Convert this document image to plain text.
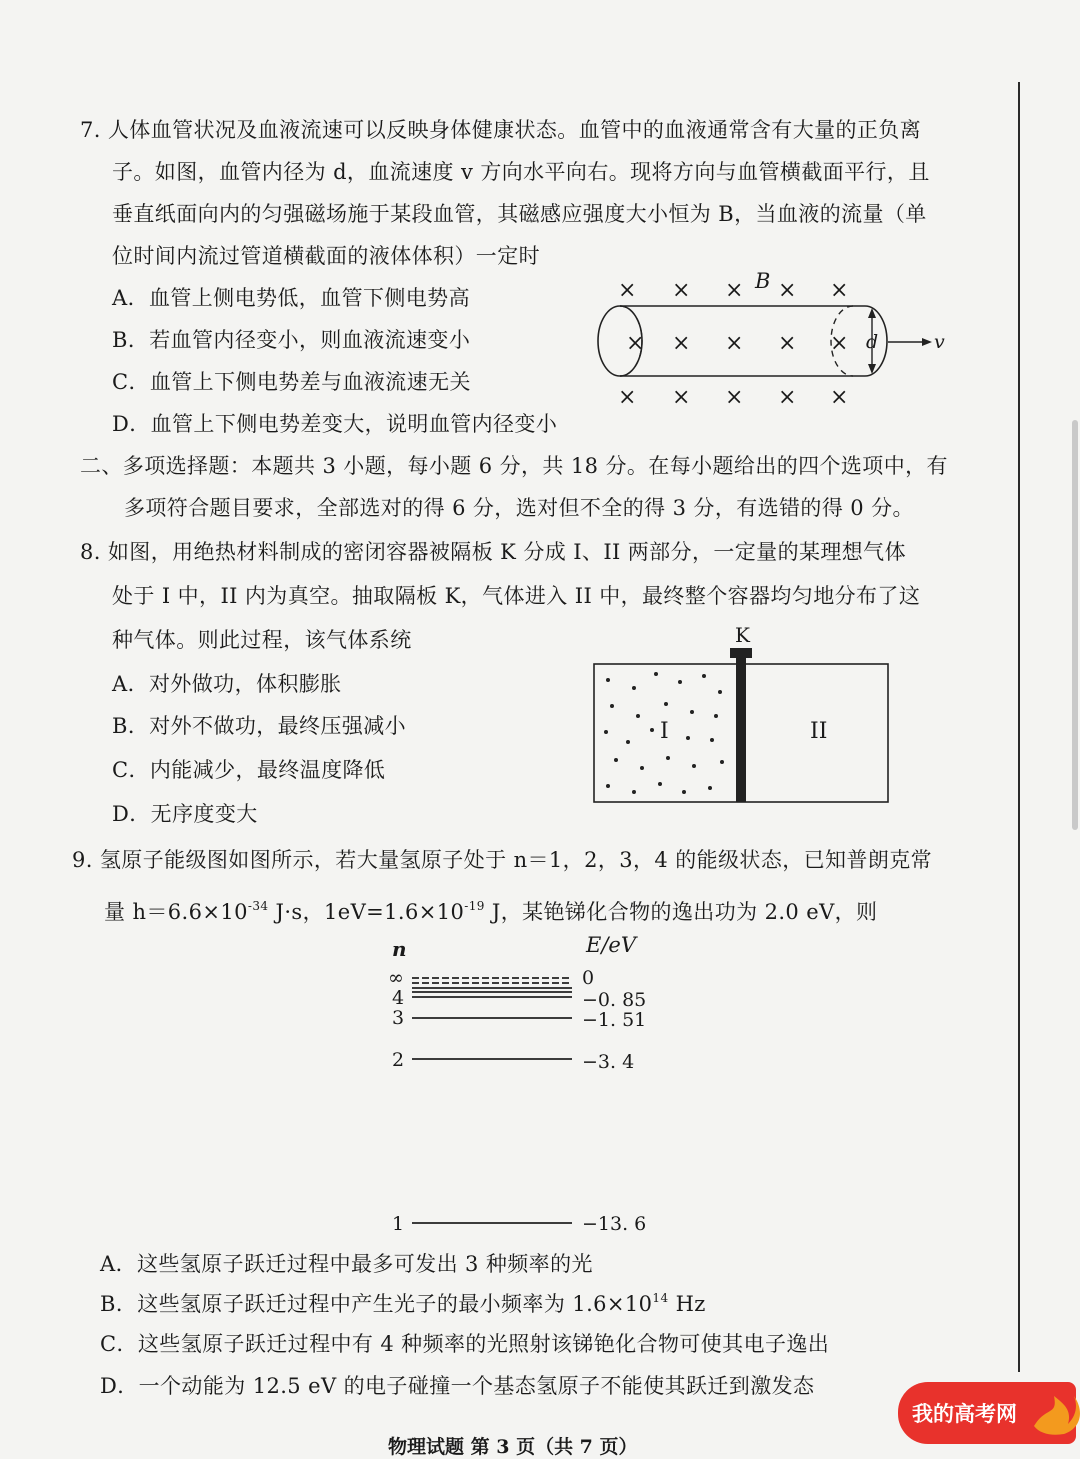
7. 人体血管状况及血液流速可以反映身体健康状态。血管中的血液通常含有大量的正负离
子。如图，血管内径为 d，血流速度 v 方向水平向右。现将方向与血管横截面平行，且
垂直纸面向内的匀强磁场施于某段血管，其磁感应强度大小恒为 B，当血液的流量（单
位时间内流过管道横截面的液体体积）一定时
A．血管上侧电势低，血管下侧电势高
B．若血管内径变小，则血液流速变小
C．血管上下侧电势差与血液流速无关
D．血管上下侧电势差变大，说明血管内径变小
× × × × ×
× × × × ×
× × × × ×
B
d	v
二、多项选择题：本题共 3 小题，每小题 6 分，共 18 分。在每小题给出的四个选项中，有
多项符合题目要求，全部选对的得 6 分，选对但不全的得 3 分，有选错的得 0 分。
8. 如图，用绝热材料制成的密闭容器被隔板 K 分成 I、II 两部分，一定量的某理想气体
处于 I 中，II 内为真空。抽取隔板 K，气体进入 II 中，最终整个容器均匀地分布了这
种气体。则此过程，该气体系统
A．对外做功，体积膨胀
B．对外不做功，最终压强减小
C．内能减少，最终温度降低
D．无序度变大
K
I	II
9. 氢原子能级图如图所示，若大量氢原子处于 n＝1，2，3，4 的能级状态，已知普朗克常
量 $h=6.6\times 10^{-34}$ J·s，$1eV=1.6\times 10^{-19}$ J，某铯锑化合物的逸出功为 2.0 eV，则
n	E/eV
∞
4
3
2
1
0
−0. 85
−1. 51
−3. 4
−13. 6
A．这些氢原子跃迁过程中最多可发出 3 种频率的光
B．这些氢原子跃迁过程中产生光子的最小频率为 $1.6\times 10^{14}$ Hz
C．这些氢原子跃迁过程中有 4 种频率的光照射该锑铯化合物可使其电子逸出
D．一个动能为 12.5 eV 的电子碰撞一个基态氢原子不能使其跃迁到激发态
物理试题 第 3 页（共 7 页）
我的高考网
